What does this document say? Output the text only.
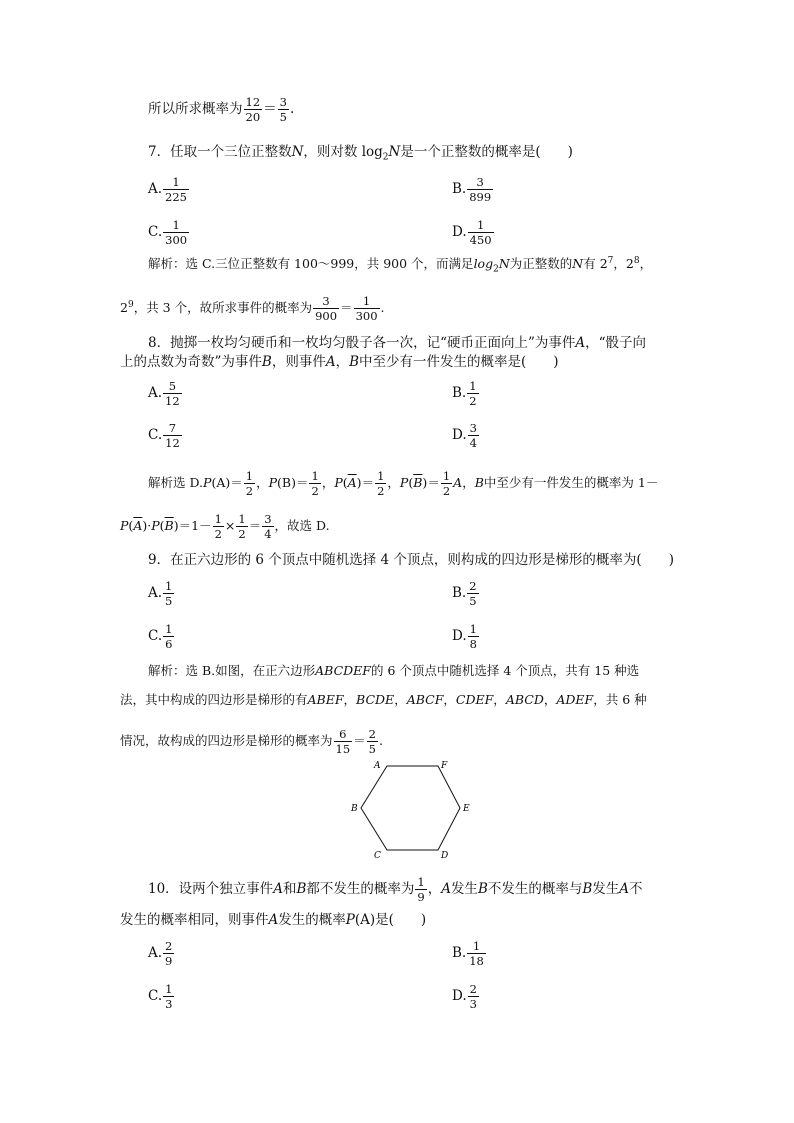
所以所求概率为 $\frac{12}{20} = \frac{3}{5}$ .
7．任取一个三位正整数N，则对数 $\log_2N$是一个正整数的概率是(　　)
A. $\frac{1}{225}$	B. $\frac{3}{899}$
C. $\frac{1}{300}$	D. $\frac{1}{450}$
解析：选 C.三位正整数有 100～999，共 900 个，而满足$\log_2N$为正整数的N有 $2^7$，$2^8$，
$2^9$，共 3 个，故所求事件的概率为 $\frac{3}{900} = \frac{1}{300}$ .
8．抛掷一枚均匀硬币和一枚均匀骰子各一次，记“硬币正面向上”为事件A，“骰子向
上的点数为奇数”为事件B，则事件A，B中至少有一件发生的概率是(　　)
A. $\frac{5}{12}$	B. $\frac{1}{2}$
C. $\frac{7}{12}$	D. $\frac{3}{4}$
解析选 $D.P(A)= \frac{1}{2}$ ，$P(B)= \frac{1}{2}$ ，$P(\overline{A})= \frac{1}{2}$ ，$P(\overline{B})= \frac{1}{2}$ A，B中至少有一件发生的概率为 1－
$P(\overline{A})\cdot P(\overline{B})=1- \frac{1}{2} \times \frac{1}{2} = \frac{3}{4}$ ，故选 D.
9．在正六边形的 6 个顶点中随机选择 4 个顶点，则构成的四边形是梯形的概率为(　　)
A. $\frac{1}{5}$	B. $\frac{2}{5}$
C. $\frac{1}{6}$	D. $\frac{1}{8}$
解析：选 B.如图，在正六边形ABCDEF的 6 个顶点中随机选择 4 个顶点，共有 15 种选
法，其中构成的四边形是梯形的有ABEF，BCDE，ABCF，CDEF，ABCD，ADEF，共 6 种
情况，故构成的四边形是梯形的概率为 $\frac{6}{15} = \frac{2}{5}$ .
A	F
B	E
C	D
10．设两个独立事件A和B都不发生的概率为 $\frac{1}{9}$ ，A发生B不发生的概率与B发生A不
发生的概率相同，则事件A发生的概率P(A)是(　　)
A. $\frac{2}{9}$	B. $\frac{1}{18}$
C. $\frac{1}{3}$	D. $\frac{2}{3}$
